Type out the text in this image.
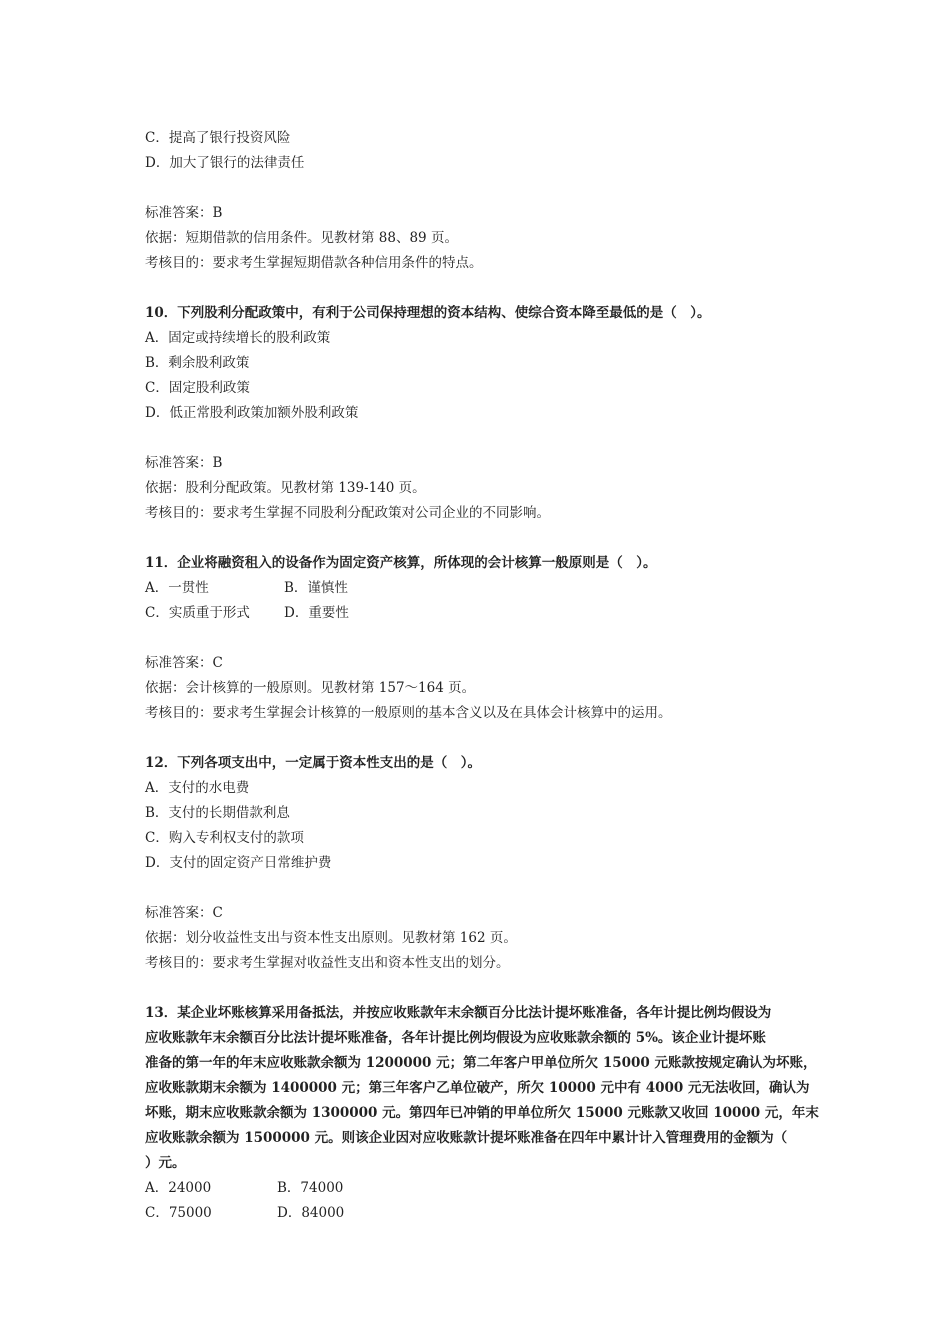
C．提高了银行投资风险
D．加大了银行的法律责任
标准答案：B
依据：短期借款的信用条件。见教材第 88、89 页。
考核目的：要求考生掌握短期借款各种信用条件的特点。
10．下列股利分配政策中，有利于公司保持理想的资本结构、使综合资本降至最低的是（　）。
A．固定或持续增长的股利政策
B．剩余股利政策
C．固定股利政策
D．低正常股利政策加额外股利政策
标准答案：B
依据：股利分配政策。见教材第 139-140 页。
考核目的：要求考生掌握不同股利分配政策对公司企业的不同影响。
11．企业将融资租入的设备作为固定资产核算，所体现的会计核算一般原则是（　）。
A．一贯性	B．谨慎性
C．实质重于形式	D．重要性
标准答案：C
依据：会计核算的一般原则。见教材第 157～164 页。
考核目的：要求考生掌握会计核算的一般原则的基本含义以及在具体会计核算中的运用。
12．下列各项支出中，一定属于资本性支出的是（　）。
A．支付的水电费
B．支付的长期借款利息
C．购入专利权支付的款项
D．支付的固定资产日常维护费
标准答案：C
依据：划分收益性支出与资本性支出原则。见教材第 162 页。
考核目的：要求考生掌握对收益性支出和资本性支出的划分。
13．某企业坏账核算采用备抵法，并按应收账款年末余额百分比法计提坏账准备，各年计提比例均假设为
应收账款年末余额百分比法计提坏账准备，各年计提比例均假设为应收账款余额的 5%。该企业计提坏账
准备的第一年的年末应收账款余额为 1200000 元；第二年客户甲单位所欠 15000 元账款按规定确认为坏账，
应收账款期末余额为 1400000 元；第三年客户乙单位破产，所欠 10000 元中有 4000 元无法收回，确认为
坏账，期末应收账款余额为 1300000 元。第四年已冲销的甲单位所欠 15000 元账款又收回 10000 元，年末
应收账款余额为 1500000 元。则该企业因对应收账款计提坏账准备在四年中累计计入管理费用的金额为（
）元。
A．24000	B．74000
C．75000	D．84000
